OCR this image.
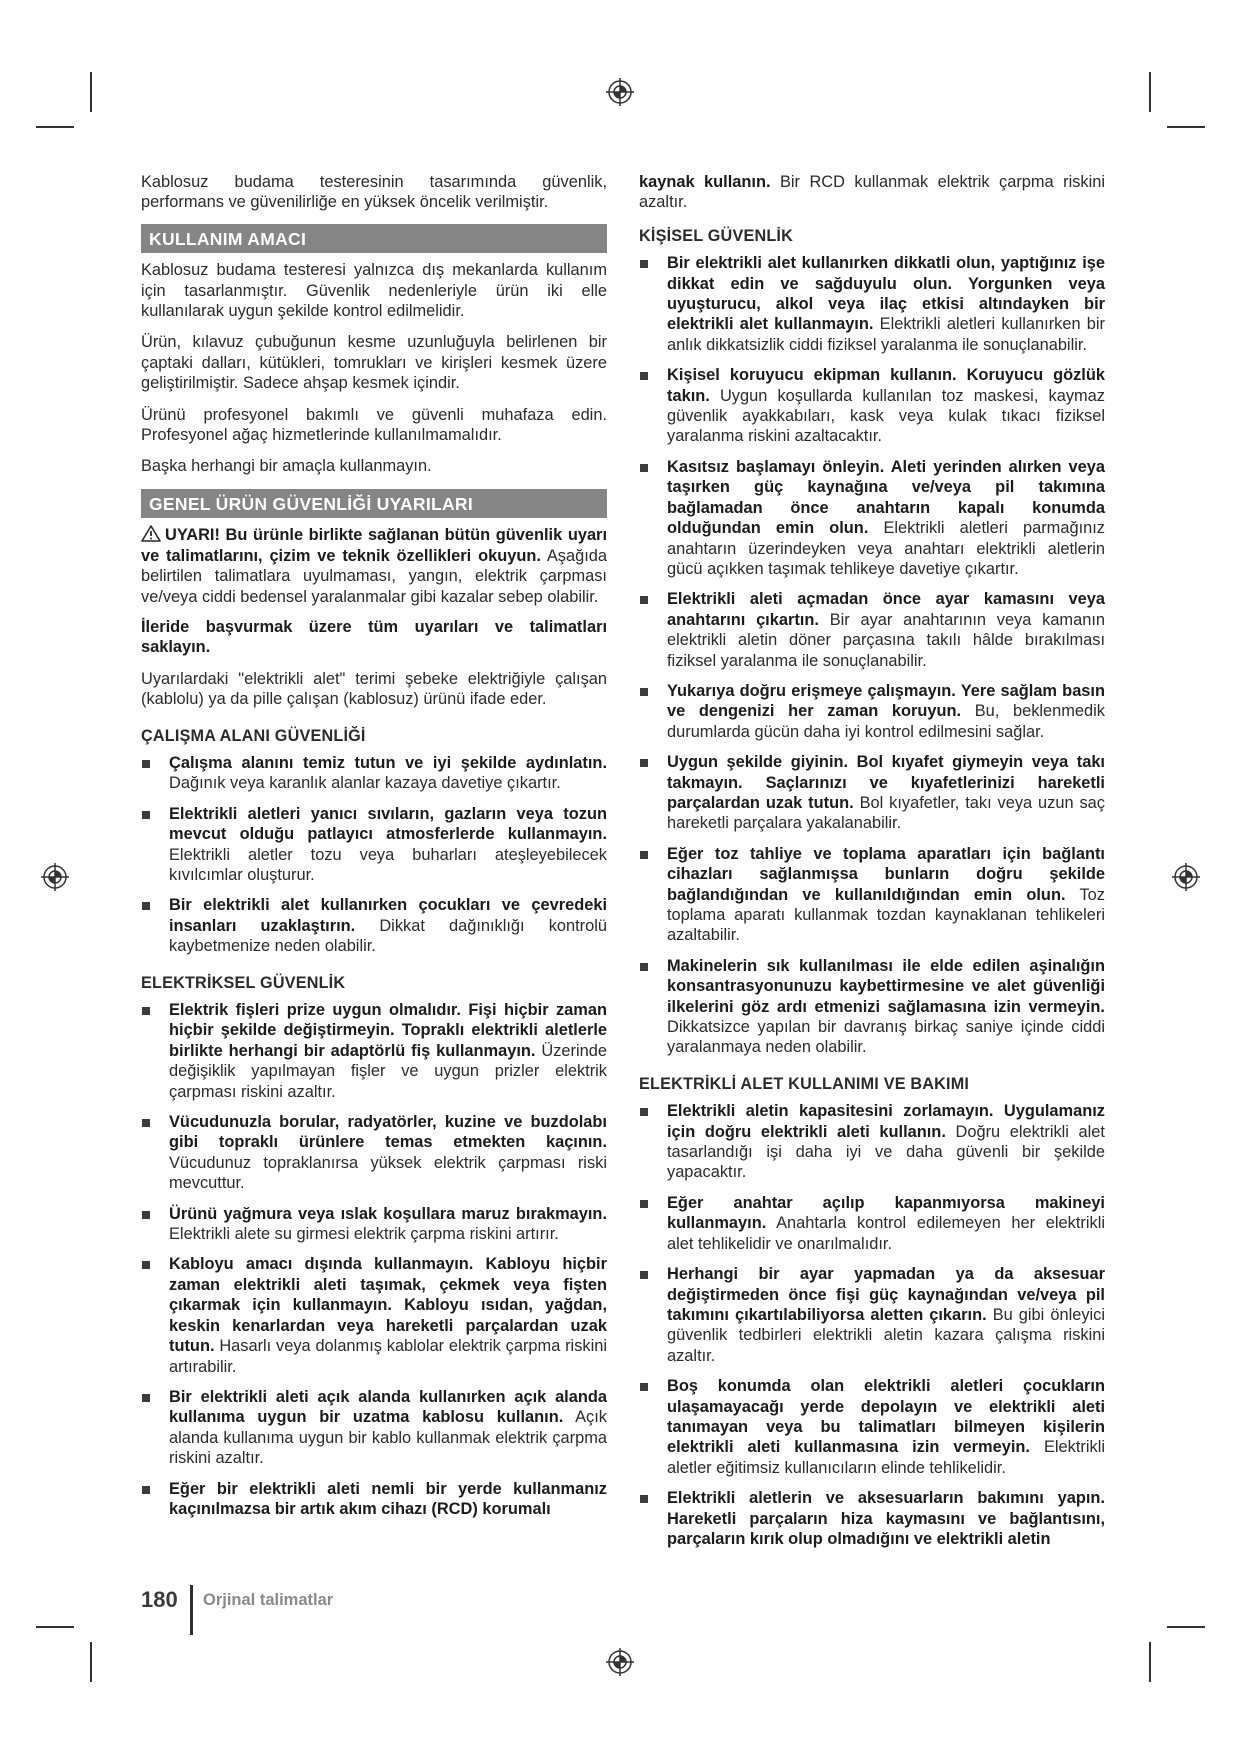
Kablosuz budama testeresinin tasarımında güvenlik, performans ve güvenilirliğe en yüksek öncelik verilmiştir.

KULLANIM AMACI

Kablosuz budama testeresi yalnızca dış mekanlarda kullanım için tasarlanmıştır. Güvenlik nedenleriyle ürün iki elle kullanılarak uygun şekilde kontrol edilmelidir.

Ürün, kılavuz çubuğunun kesme uzunluğuyla belirlenen bir çaptaki dalları, kütükleri, tomrukları ve kirişleri kesmek üzere geliştirilmiştir. Sadece ahşap kesmek içindir.

Ürünü profesyonel bakımlı ve güvenli muhafaza edin. Profesyonel ağaç hizmetlerinde kullanılmamalıdır.

Başka herhangi bir amaçla kullanmayın.

GENEL ÜRÜN GÜVENLİĞİ UYARILARI

UYARI! Bu ürünle birlikte sağlanan bütün güvenlik uyarı ve talimatlarını, çizim ve teknik özellikleri okuyun. Aşağıda belirtilen talimatlara uyulmaması, yangın, elektrik çarpması ve/veya ciddi bedensel yaralanmalar gibi kazalar sebep olabilir.

İleride başvurmak üzere tüm uyarıları ve talimatları saklayın.

Uyarılardaki "elektrikli alet" terimi şebeke elektriğiyle çalışan (kablolu) ya da pille çalışan (kablosuz) ürünü ifade eder.

ÇALIŞMA ALANI GÜVENLİĞİ
Çalışma alanını temiz tutun ve iyi şekilde aydınlatın. Dağınık veya karanlık alanlar kazaya davetiye çıkartır.
Elektrikli aletleri yanıcı sıvıların, gazların veya tozun mevcut olduğu patlayıcı atmosferlerde kullanmayın. Elektrikli aletler tozu veya buharları ateşleyebilecek kıvılcımlar oluşturur.
Bir elektrikli alet kullanırken çocukları ve çevredeki insanları uzaklaştırın. Dikkat dağınıklığı kontrolü kaybetmenize neden olabilir.
ELEKTRİKSEL GÜVENLİK
Elektrik fişleri prize uygun olmalıdır. Fişi hiçbir zaman hiçbir şekilde değiştirmeyin. Topraklı elektrikli aletlerle birlikte herhangi bir adaptörlü fiş kullanmayın. Üzerinde değişiklik yapılmayan fişler ve uygun prizler elektrik çarpması riskini azaltır.
Vücudunuzla borular, radyatörler, kuzine ve buzdolabı gibi topraklı ürünlere temas etmekten kaçının. Vücudunuz topraklanırsa yüksek elektrik çarpması riski mevcuttur.
Ürünü yağmura veya ıslak koşullara maruz bırakmayın. Elektrikli alete su girmesi elektrik çarpma riskini artırır.
Kabloyu amacı dışında kullanmayın. Kabloyu hiçbir zaman elektrikli aleti taşımak, çekmek veya fişten çıkarmak için kullanmayın. Kabloyu ısıdan, yağdan, keskin kenarlardan veya hareketli parçalardan uzak tutun. Hasarlı veya dolanmış kablolar elektrik çarpma riskini artırabilir.
Bir elektrikli aleti açık alanda kullanırken açık alanda kullanıma uygun bir uzatma kablosu kullanın. Açık alanda kullanıma uygun bir kablo kullanmak elektrik çarpma riskini azaltır.
Eğer bir elektrikli aleti nemli bir yerde kullanmanız kaçınılmazsa bir artık akım cihazı (RCD) korumalı

kaynak kullanın. Bir RCD kullanmak elektrik çarpma riskini azaltır.

KİŞİSEL GÜVENLİK
Bir elektrikli alet kullanırken dikkatli olun, yaptığınız işe dikkat edin ve sağduyulu olun. Yorgunken veya uyuşturucu, alkol veya ilaç etkisi altındayken bir elektrikli alet kullanmayın. Elektrikli aletleri kullanırken bir anlık dikkatsizlik ciddi fiziksel yaralanma ile sonuçlanabilir.
Kişisel koruyucu ekipman kullanın. Koruyucu gözlük takın. Uygun koşullarda kullanılan toz maskesi, kaymaz güvenlik ayakkabıları, kask veya kulak tıkacı fiziksel yaralanma riskini azaltacaktır.
Kasıtsız başlamayı önleyin. Aleti yerinden alırken veya taşırken güç kaynağına ve/veya pil takımına bağlamadan önce anahtarın kapalı konumda olduğundan emin olun. Elektrikli aletleri parmağınız anahtarın üzerindeyken veya anahtarı elektrikli aletlerin gücü açıkken taşımak tehlikeye davetiye çıkartır.
Elektrikli aleti açmadan önce ayar kamasını veya anahtarını çıkartın. Bir ayar anahtarının veya kamanın elektrikli aletin döner parçasına takılı hâlde bırakılması fiziksel yaralanma ile sonuçlanabilir.
Yukarıya doğru erişmeye çalışmayın. Yere sağlam basın ve dengenizi her zaman koruyun. Bu, beklenmedik durumlarda gücün daha iyi kontrol edilmesini sağlar.
Uygun şekilde giyinin. Bol kıyafet giymeyin veya takı takmayın. Saçlarınızı ve kıyafetlerinizi hareketli parçalardan uzak tutun. Bol kıyafetler, takı veya uzun saç hareketli parçalara yakalanabilir.
Eğer toz tahliye ve toplama aparatları için bağlantı cihazları sağlanmışsa bunların doğru şekilde bağlandığından ve kullanıldığından emin olun. Toz toplama aparatı kullanmak tozdan kaynaklanan tehlikeleri azaltabilir.
Makinelerin sık kullanılması ile elde edilen aşinalığın konsantrasyonunuzu kaybettirmesine ve alet güvenliği ilkelerini göz ardı etmenizi sağlamasına izin vermeyin. Dikkatsizce yapılan bir davranış birkaç saniye içinde ciddi yaralanmaya neden olabilir.
ELEKTRİKLİ ALET KULLANIMI VE BAKIMI
Elektrikli aletin kapasitesini zorlamayın. Uygulamanız için doğru elektrikli aleti kullanın. Doğru elektrikli alet tasarlandığı işi daha iyi ve daha güvenli bir şekilde yapacaktır.
Eğer anahtar açılıp kapanmıyorsa makineyi kullanmayın. Anahtarla kontrol edilemeyen her elektrikli alet tehlikelidir ve onarılmalıdır.
Herhangi bir ayar yapmadan ya da aksesuar değiştirmeden önce fişi güç kaynağından ve/veya pil takımını çıkartılabiliyorsa aletten çıkarın. Bu gibi önleyici güvenlik tedbirleri elektrikli aletin kazara çalışma riskini azaltır.
Boş konumda olan elektrikli aletleri çocukların ulaşamayacağı yerde depolayın ve elektrikli aleti tanımayan veya bu talimatları bilmeyen kişilerin elektrikli aleti kullanmasına izin vermeyin. Elektrikli aletler eğitimsiz kullanıcıların elinde tehlikelidir.
Elektrikli aletlerin ve aksesuarların bakımını yapın. Hareketli parçaların hiza kaymasını ve bağlantısını, parçaların kırık olup olmadığını ve elektrikli aletin
180 Orjinal talimatlar
